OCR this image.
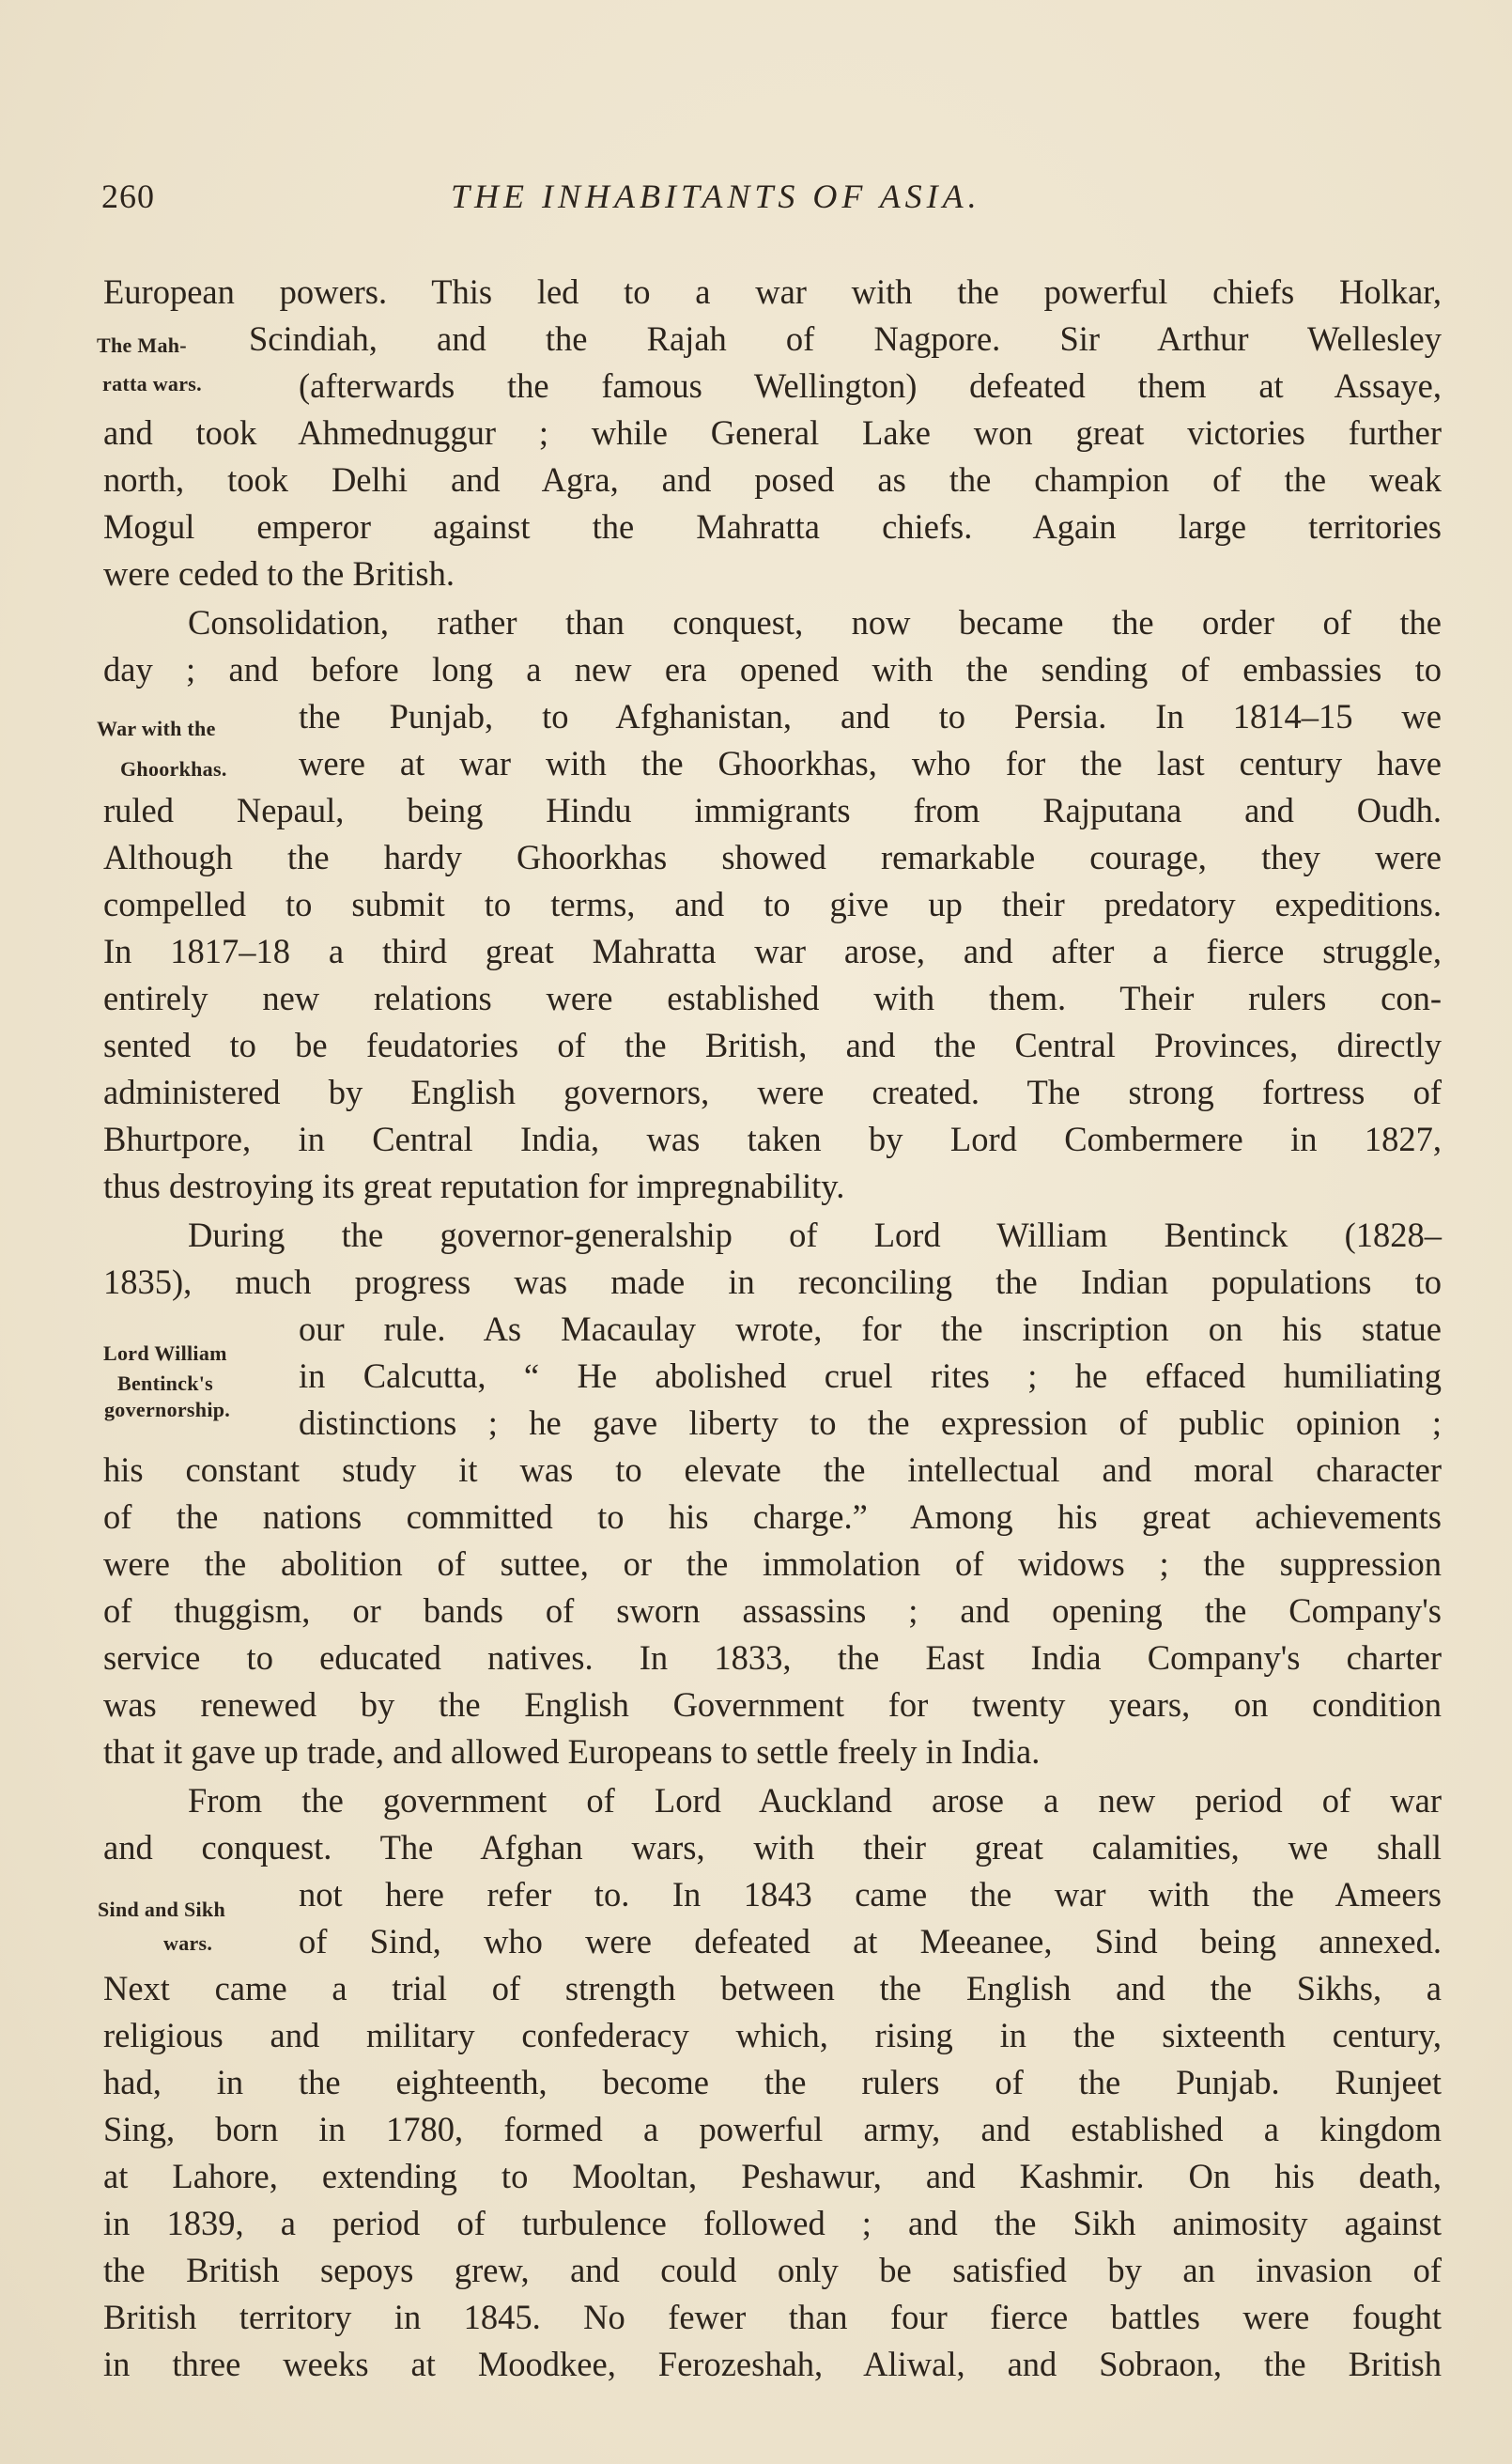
260	THE INHABITANTS OF ASIA.
The Mah-
ratta wars.
War with the
Ghoorkhas.
Lord William
Bentinck's
governorship.
Sind and Sikh
wars.
European powers. This led to a war with the powerful chiefs Holkar,
Scindiah, and the Rajah of Nagpore. Sir Arthur Wellesley
(afterwards the famous Wellington) defeated them at Assaye,
and took Ahmednuggur ; while General Lake won great victories further
north, took Delhi and Agra, and posed as the champion of the weak
Mogul emperor against the Mahratta chiefs. Again large territories
were ceded to the British.
Consolidation, rather than conquest, now became the order of the
day ; and before long a new era opened with the sending of embassies to
the Punjab, to Afghanistan, and to Persia. In 1814–15 we
were at war with the Ghoorkhas, who for the last century have
ruled Nepaul, being Hindu immigrants from Rajputana and Oudh.
Although the hardy Ghoorkhas showed remarkable courage, they were
compelled to submit to terms, and to give up their predatory expeditions.
In 1817–18 a third great Mahratta war arose, and after a fierce struggle,
entirely new relations were established with them. Their rulers con-
sented to be feudatories of the British, and the Central Provinces, directly
administered by English governors, were created. The strong fortress of
Bhurtpore, in Central India, was taken by Lord Combermere in 1827,
thus destroying its great reputation for impregnability.
During the governor-generalship of Lord William Bentinck (1828–
1835), much progress was made in reconciling the Indian populations to
our rule. As Macaulay wrote, for the inscription on his statue
in Calcutta, “ He abolished cruel rites ; he effaced humiliating
distinctions ; he gave liberty to the expression of public opinion ;
his constant study it was to elevate the intellectual and moral character
of the nations committed to his charge.” Among his great achievements
were the abolition of suttee, or the immolation of widows ; the suppression
of thuggism, or bands of sworn assassins ; and opening the Company's
service to educated natives. In 1833, the East India Company's charter
was renewed by the English Government for twenty years, on condition
that it gave up trade, and allowed Europeans to settle freely in India.
From the government of Lord Auckland arose a new period of war
and conquest. The Afghan wars, with their great calamities, we shall
not here refer to. In 1843 came the war with the Ameers
of Sind, who were defeated at Meeanee, Sind being annexed.
Next came a trial of strength between the English and the Sikhs, a
religious and military confederacy which, rising in the sixteenth century,
had, in the eighteenth, become the rulers of the Punjab. Runjeet
Sing, born in 1780, formed a powerful army, and established a kingdom
at Lahore, extending to Mooltan, Peshawur, and Kashmir. On his death,
in 1839, a period of turbulence followed ; and the Sikh animosity against
the British sepoys grew, and could only be satisfied by an invasion of
British territory in 1845. No fewer than four fierce battles were fought
in three weeks at Moodkee, Ferozeshah, Aliwal, and Sobraon, the British
